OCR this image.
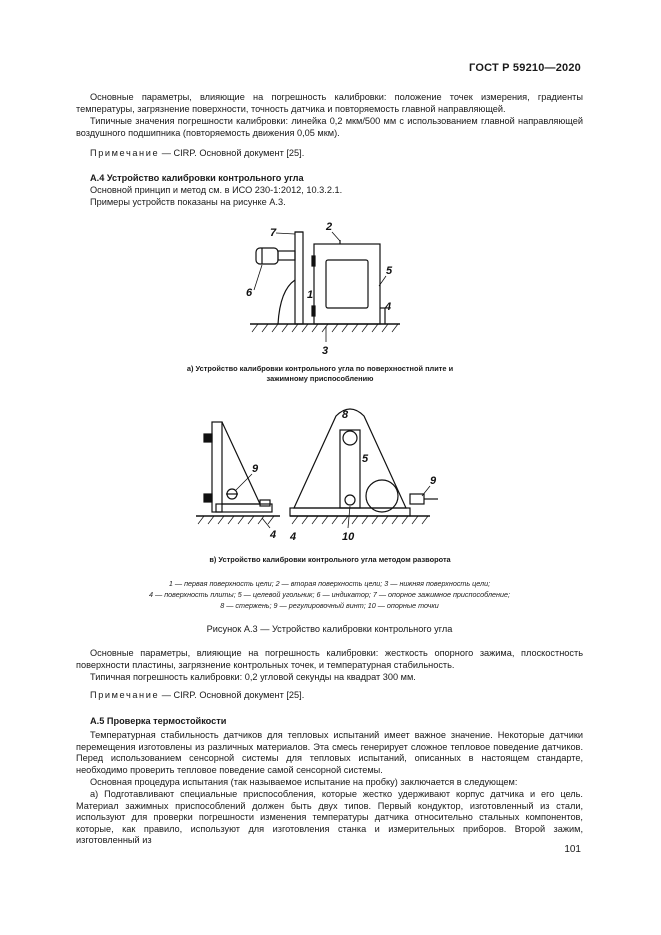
ГОСТ Р 59210—2020
Основные параметры, влияющие на погрешность калибровки: положение точек измерения, градиенты температуры, загрязнение поверхности, точность датчика и повторяемость главной направляющей.
Типичные значения погрешности калибровки: линейка 0,2 мкм/500 мм с использованием главной направляющей воздушного подшипника (повторяемость движения 0,05 мкм).
Примечание — CIRP. Основной документ [25].
А.4 Устройство калибровки контрольного угла
Основной принцип и метод см. в ИСО 230-1:2012, 10.3.2.1.
Примеры устройств показаны на рисунке А.3.
7	2
5
6	1
4
3
а) Устройство калибровки контрольного угла по поверхностной плите и зажимному приспособлению
8
5
9
9
4 4	10
в) Устройство калибровки контрольного угла методом разворота
1 — первая поверхность цели; 2 — вторая поверхность цели; 3 — нижняя поверхность цели;
4 — поверхность плиты; 5 — целевой угольник; 6 — индикатор; 7 — опорное зажимное приспособление;
8 — стержень; 9 — регулировочный винт; 10 — опорные точки
Рисунок А.3 — Устройство калибровки контрольного угла
Основные параметры, влияющие на погрешность калибровки: жесткость опорного зажима, плоскостность поверхности пластины, загрязнение контрольных точек, и температурная стабильность.
Типичная погрешность калибровки: 0,2 угловой секунды на квадрат 300 мм.
Примечание — CIRP. Основной документ [25].
А.5 Проверка термостойкости
Температурная стабильность датчиков для тепловых испытаний имеет важное значение. Некоторые датчики перемещения изготовлены из различных материалов. Эта смесь генерирует сложное тепловое поведение датчиков. Перед использованием сенсорной системы для тепловых испытаний, описанных в настоящем стандарте, необходимо проверить тепловое поведение самой сенсорной системы.
Основная процедура испытания (так называемое испытание на пробку) заключается в следующем:
а) Подготавливают специальные приспособления, которые жестко удерживают корпус датчика и его цель. Материал зажимных приспособлений должен быть двух типов. Первый кондуктор, изготовленный из стали, используют для проверки погрешности изменения температуры датчика относительно стальных компонентов, которые, как правило, используют для изготовления станка и измерительных приборов. Второй зажим, изготовленный из
101
